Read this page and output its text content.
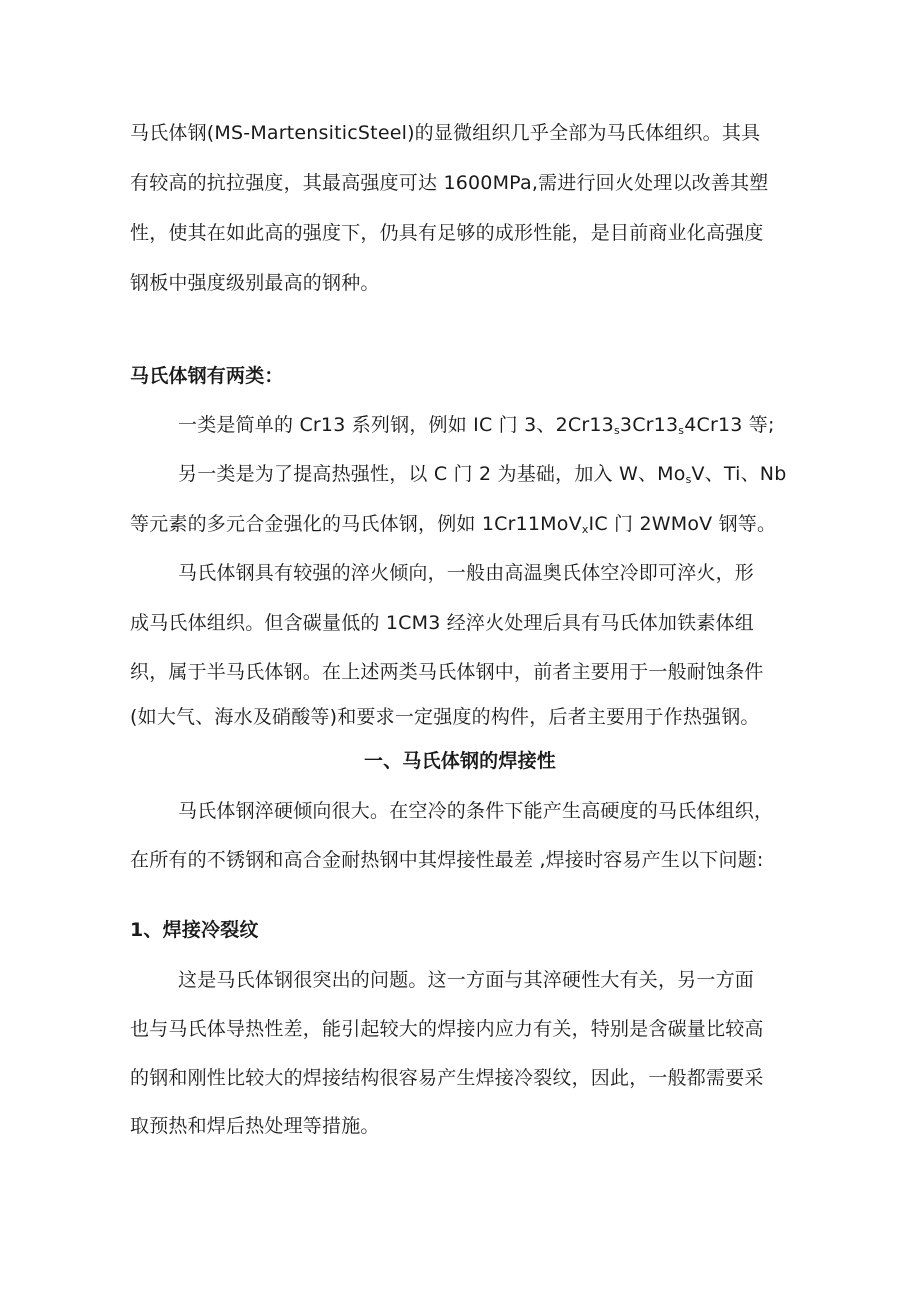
马氏体钢(MS-MartensiticSteel)的显微组织几乎全部为马氏体组织。其具
有较高的抗拉强度，其最高强度可达 1600MPa,需进行回火处理以改善其塑
性，使其在如此高的强度下，仍具有足够的成形性能，是目前商业化高强度
钢板中强度级别最高的钢种。
马氏体钢有两类：
一类是简单的 Cr13 系列钢，例如 IC 门 3、$2Cr13_s3Cr13_s4Cr13$ 等;
另一类是为了提高热强性，以 C 门 2 为基础，加入 W、$Mo_sV$、Ti、Nb
等元素的多元合金强化的马氏体钢，例如 1Cr11MoV$_x$IC 门 2WMoV 钢等。
马氏体钢具有较强的淬火倾向，一般由高温奥氏体空冷即可淬火，形
成马氏体组织。但含碳量低的 1CM3 经淬火处理后具有马氏体加铁素体组
织，属于半马氏体钢。在上述两类马氏体钢中，前者主要用于一般耐蚀条件
(如大气、海水及硝酸等)和要求一定强度的构件，后者主要用于作热强钢。
一、马氏体钢的焊接性
马氏体钢淬硬倾向很大。在空冷的条件下能产生高硬度的马氏体组织，
在所有的不锈钢和高合金耐热钢中其焊接性最差 ,焊接时容易产生以下问题:
1、焊接冷裂纹
这是马氏体钢很突出的问题。这一方面与其淬硬性大有关，另一方面
也与马氏体导热性差，能引起较大的焊接内应力有关，特别是含碳量比较高
的钢和刚性比较大的焊接结构很容易产生焊接冷裂纹，因此，一般都需要采
取预热和焊后热处理等措施。
